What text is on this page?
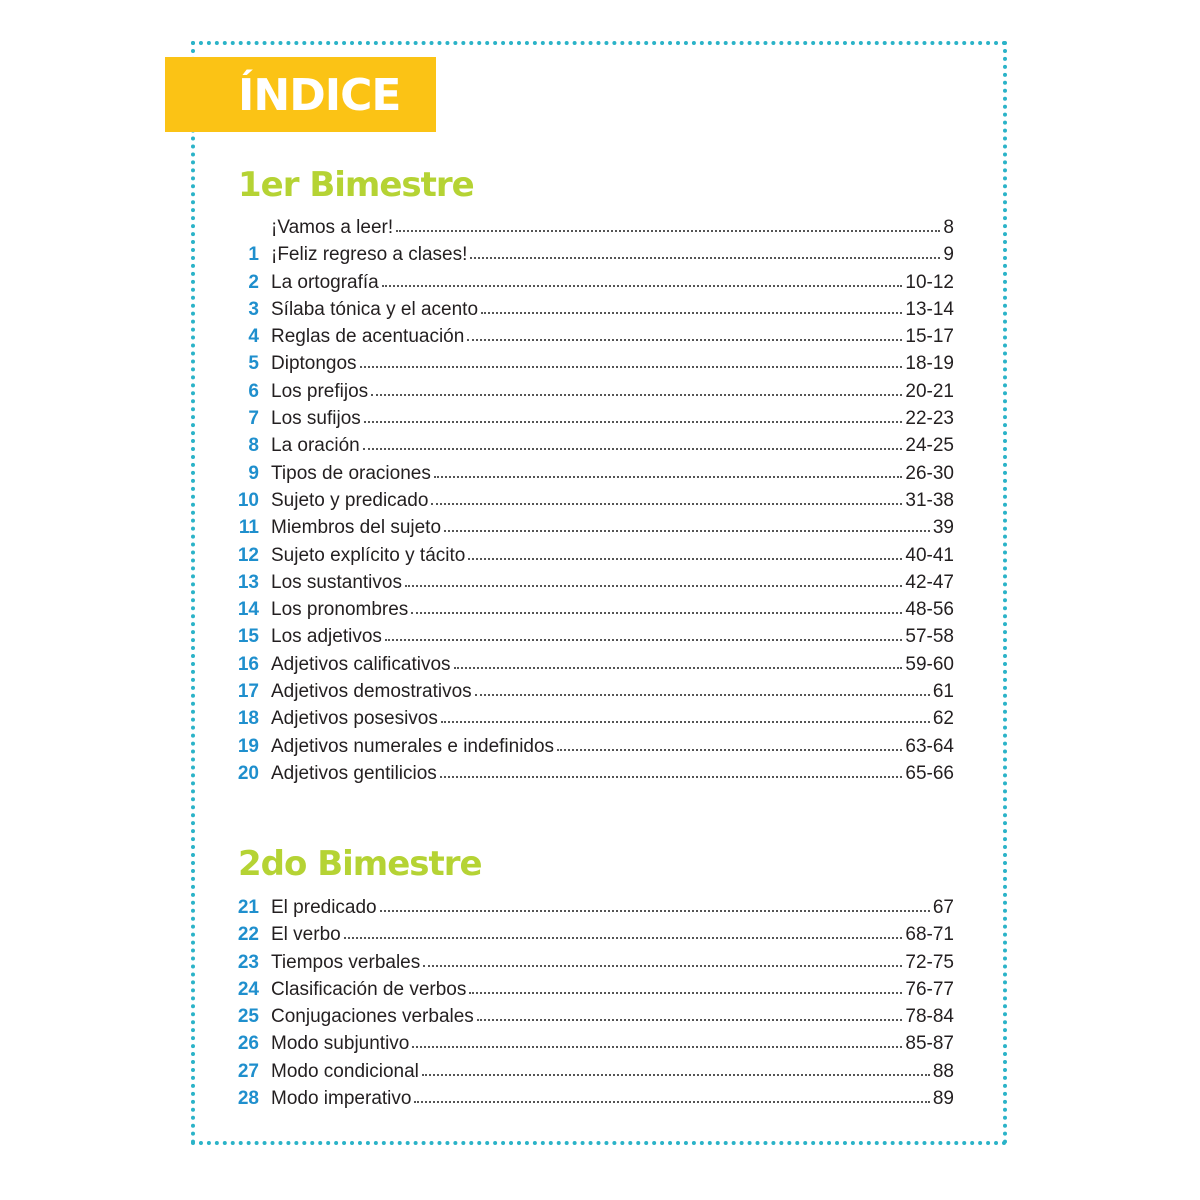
ÍNDICE
1er Bimestre
¡Vamos a leer!	8
1 ¡Feliz regreso a clases!	9
2 La ortografía	10-12
3 Sílaba tónica y el acento	13-14
4 Reglas de acentuación	15-17
5 Diptongos	18-19
6 Los prefijos	20-21
7 Los sufijos	22-23
8 La oración	24-25
9 Tipos de oraciones	26-30
10 Sujeto y predicado	31-38
11 Miembros del sujeto	39
12 Sujeto explícito y tácito	40-41
13 Los sustantivos	42-47
14 Los pronombres	48-56
15 Los adjetivos	57-58
16 Adjetivos calificativos	59-60
17 Adjetivos demostrativos	61
18 Adjetivos posesivos	62
19 Adjetivos numerales e indefinidos	63-64
20 Adjetivos gentilicios	65-66
2do Bimestre
21 El predicado	67
22 El verbo	68-71
23 Tiempos verbales	72-75
24 Clasificación de verbos	76-77
25 Conjugaciones verbales	78-84
26 Modo subjuntivo	85-87
27 Modo condicional	88
28 Modo imperativo	89
